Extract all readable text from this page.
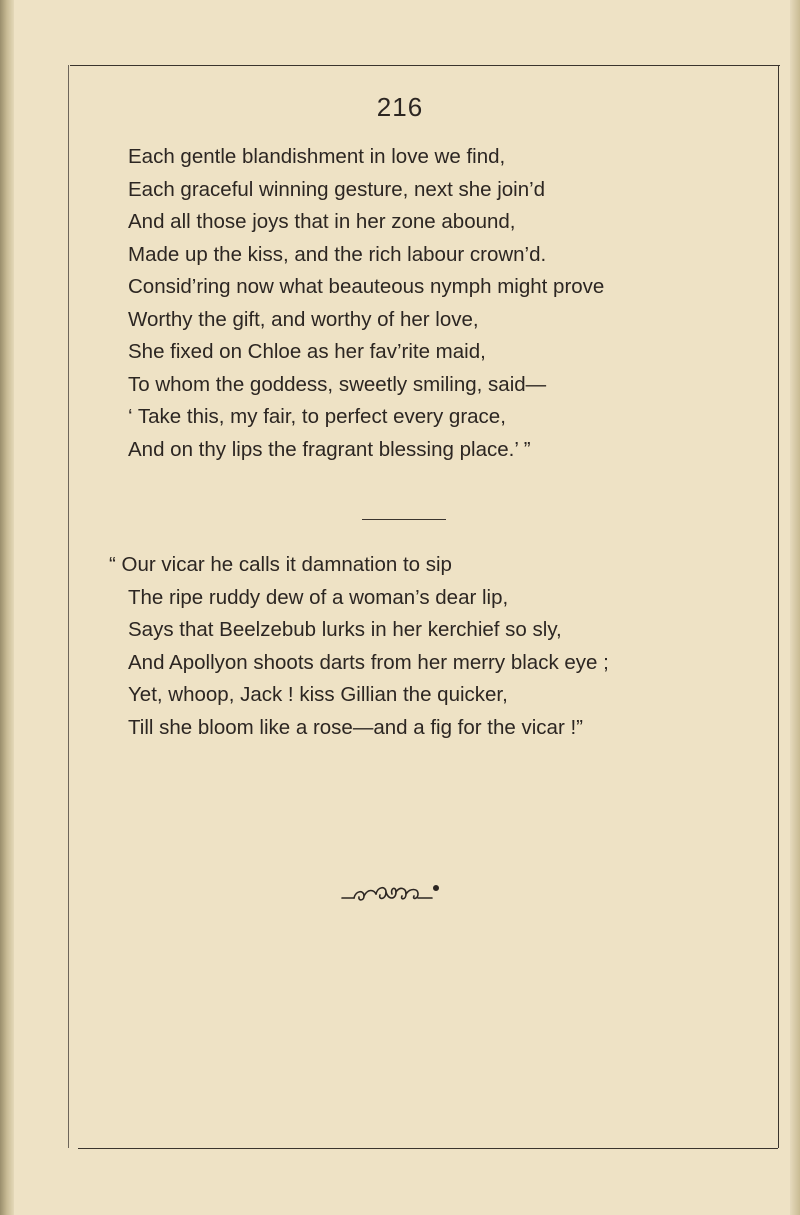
216
Each gentle blandishment in love we find,
Each graceful winning gesture, next she join’d
And all those joys that in her zone abound,
Made up the kiss, and the rich labour crown’d.
Consid’ring now what beauteous nymph might prove
Worthy the gift, and worthy of her love,
She fixed on Chloe as her fav’rite maid,
To whom the goddess, sweetly smiling, said—
‘ Take this, my fair, to perfect every grace,
And on thy lips the fragrant blessing place.’ ”
“ Our vicar he calls it damnation to sip
The ripe ruddy dew of a woman’s dear lip,
Says that Beelzebub lurks in her kerchief so sly,
And Apollyon shoots darts from her merry black eye ;
Yet, whoop, Jack ! kiss Gillian the quicker,
Till she bloom like a rose—and a fig for the vicar !”
